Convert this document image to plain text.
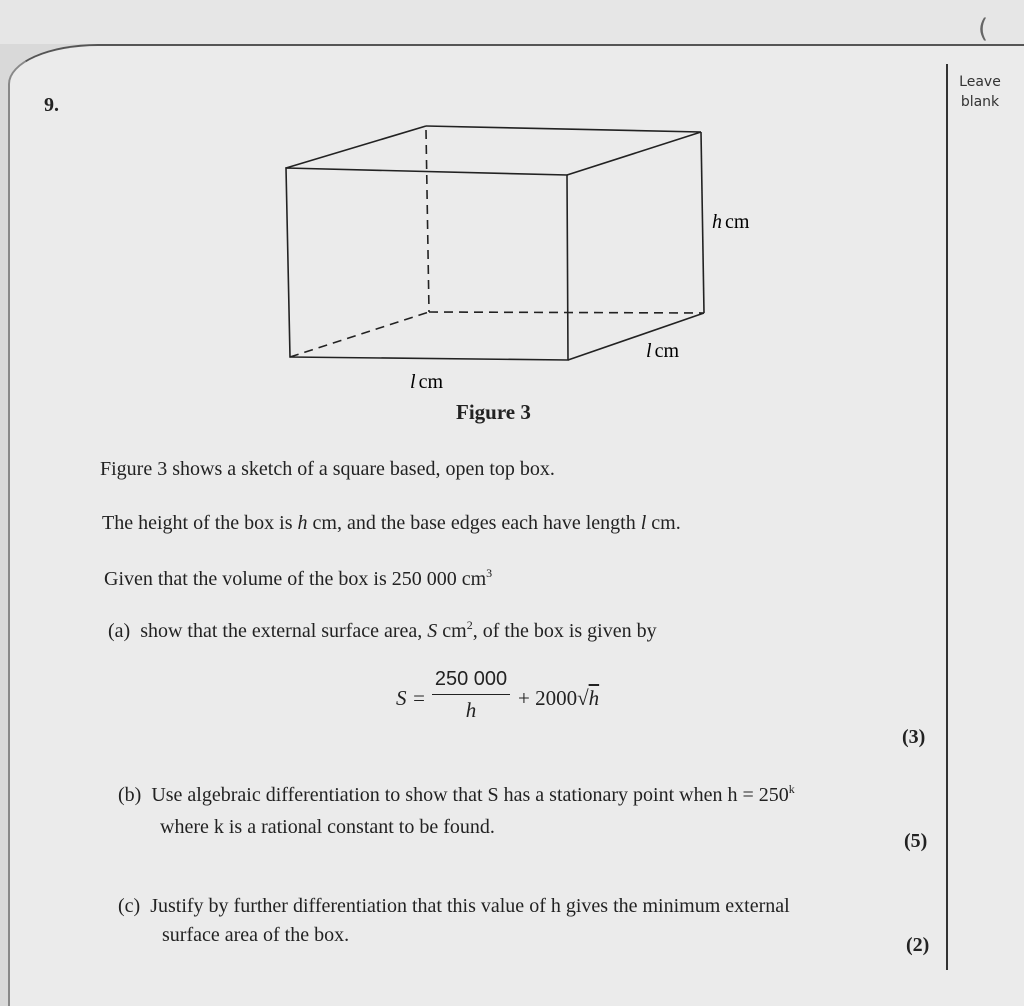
(
Leave
blank
9.
h cm
l cm
l cm
Figure 3
Figure 3 shows a sketch of a square based, open top box.
The height of the box is h cm, and the base edges each have length l cm.
Given that the volume of the box is 250 000 $cm^3$
(a) show that the external surface area, S $cm^2$, of the box is given by
S =
250 000
h	+ 2000√h
(3)
(b) Use algebraic differentiation to show that S has a stationary point when $h = 250^k$
where k is a rational constant to be found.
(5)
(c) Justify by further differentiation that this value of h gives the minimum external
surface area of the box.	(2)
